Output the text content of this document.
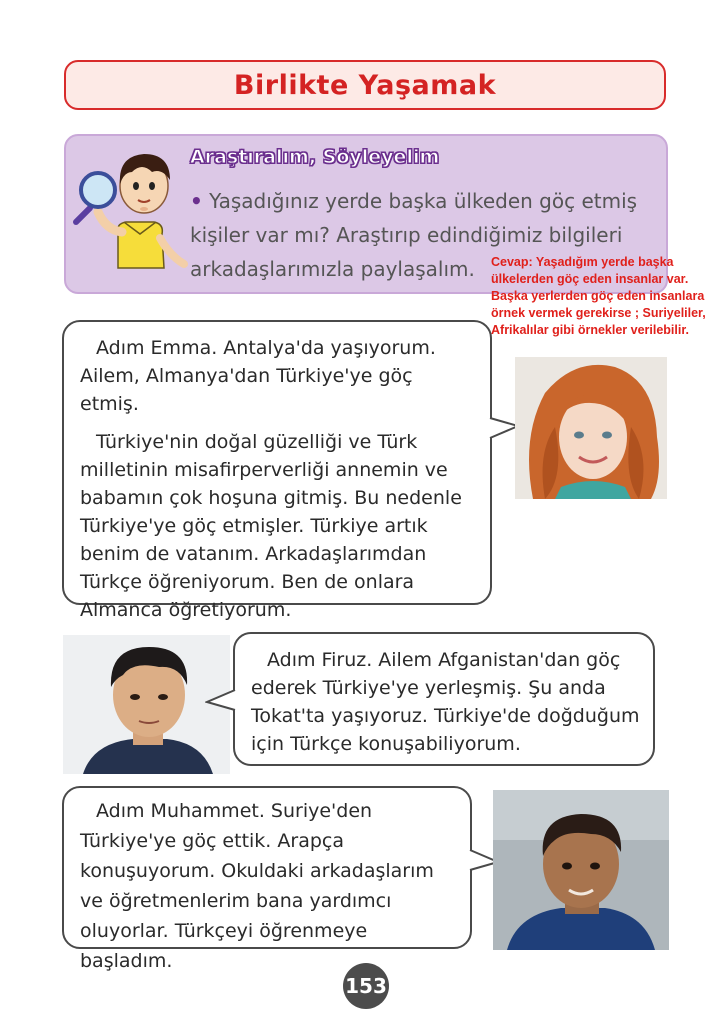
Birlikte Yaşamak
Araştıralım, Söyleyelim
• Yaşadığınız yerde başka ülkeden göç etmiş kişiler var mı? Araştırıp edindiğimiz bilgileri arkadaşlarımızla paylaşalım.	Cevap: Yaşadığım yerde başka
ülkelerden göç eden insanlar var.
Başka yerlerden göç eden insanlara
örnek vermek gerekirse ; Suriyeliler,
Afrikalılar gibi örnekler verilebilir.

Adım Emma. Antalya'da yaşıyorum. Ailem, Almanya'dan Türkiye'ye göç etmiş.

Türkiye'nin doğal güzelliği ve Türk milletinin misafirperverliği annemin ve babamın çok hoşuna gitmiş. Bu nedenle Türkiye'ye göç etmişler. Türkiye artık benim de vatanım. Arkadaşlarımdan Türkçe öğreniyorum. Ben de onlara Almanca öğretiyorum.

Adım Firuz. Ailem Afganistan'dan göç ederek Türkiye'ye yerleşmiş. Şu anda Tokat'ta yaşıyoruz. Türkiye'de doğduğum için Türkçe konuşabiliyorum.

Adım Muhammet. Suriye'den Türkiye'ye göç ettik. Arapça konuşuyorum. Okuldaki arkadaşlarım ve öğretmenlerim bana yardımcı oluyorlar. Türkçeyi öğrenmeye başladım.

153
